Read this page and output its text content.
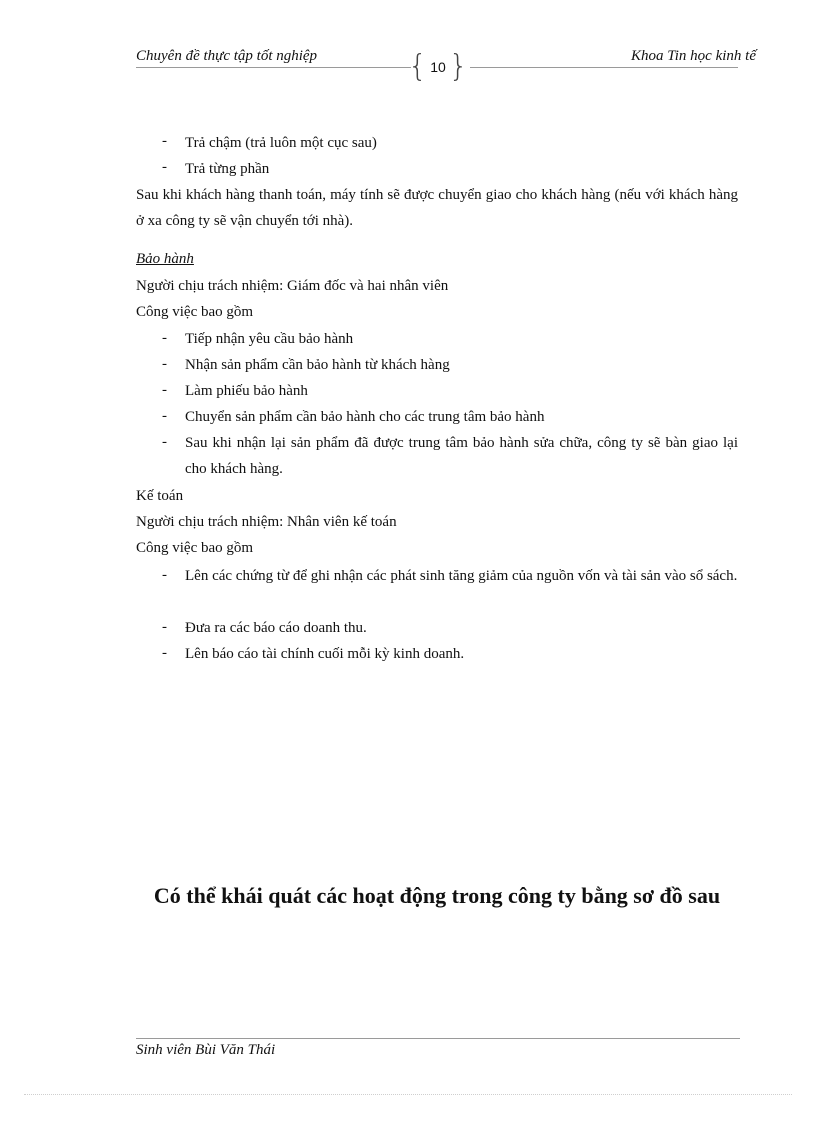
Chuyên đề thực tập tốt nghiệp	{ 10 }	Khoa Tin học kinh tế
- Trả chậm (trả luôn một cục sau)
- Trả từng phần
Sau khi khách hàng thanh toán, máy tính sẽ được chuyển giao cho khách hàng (nếu với khách hàng ở xa công ty sẽ vận chuyển tới nhà).
Bảo hành
Người chịu trách nhiệm: Giám đốc và hai nhân viên
Công việc bao gồm
- Tiếp nhận yêu cầu bảo hành
- Nhận sản phẩm cần bảo hành từ khách hàng
- Làm phiếu bảo hành
- Chuyển sản phẩm cần bảo hành cho các trung tâm bảo hành
- Sau khi nhận lại sản phẩm đã được trung tâm bảo hành sửa chữa, công ty sẽ bàn giao lại cho khách hàng.
Kế toán
Người chịu trách nhiệm: Nhân viên kế toán
Công việc bao gồm
- Lên các chứng từ để ghi nhận các phát sinh tăng giảm của nguồn vốn và tài sản vào sổ sách.
- Đưa ra các báo cáo doanh thu.
- Lên báo cáo tài chính cuối mỗi kỳ kinh doanh.
Có thể khái quát các hoạt động trong công ty bằng sơ đồ sau
Sinh viên Bùi Văn Thái
